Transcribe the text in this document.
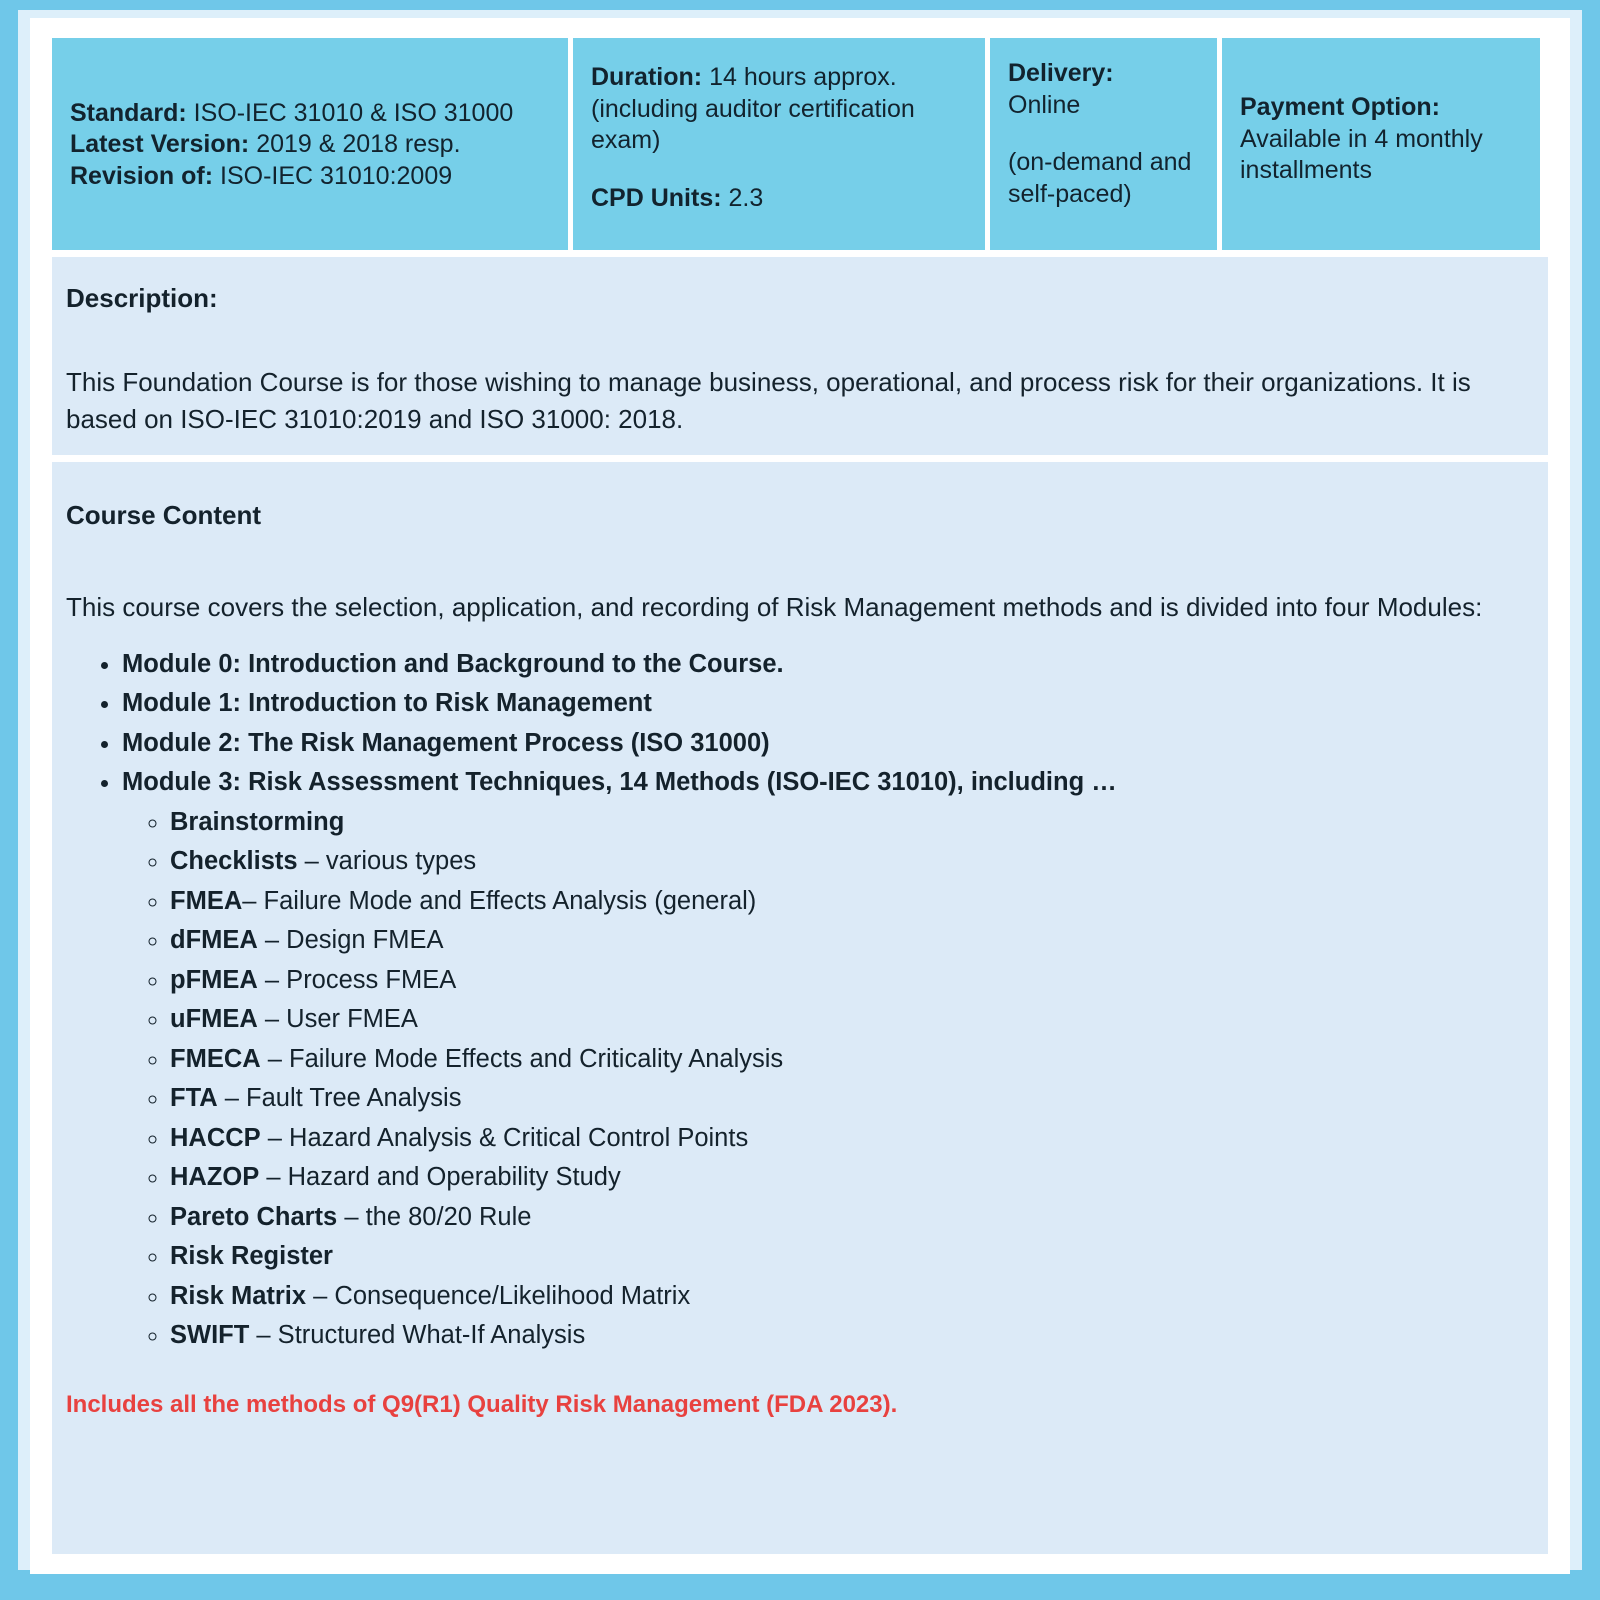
Standard: ISO-IEC 31010 & ISO 31000

Latest Version: 2019 & 2018 resp.

Revision of: ISO-IEC 31010:2009

Duration: 14 hours approx. (including auditor certification exam)

CPD Units: 2.3

Delivery:

Online

(on-demand and self-paced)

Payment Option:

Available in 4 monthly installments

Description:

This Foundation Course is for those wishing to manage business, operational, and process risk for their organizations. It is based on ISO-IEC 31010:2019 and ISO 31000: 2018.

Course Content

This course covers the selection, application, and recording of Risk Management methods and is divided into four Modules:

• Module 0: Introduction and Background to the Course.
• Module 1: Introduction to Risk Management
• Module 2: The Risk Management Process (ISO 31000)
• Module 3: Risk Assessment Techniques, 14 Methods (ISO-IEC 31010), including …
◦ Brainstorming
◦ Checklists – various types
◦ FMEA– Failure Mode and Effects Analysis (general)
◦ dFMEA – Design FMEA
◦ pFMEA – Process FMEA
◦ uFMEA – User FMEA
◦ FMECA – Failure Mode Effects and Criticality Analysis
◦ FTA – Fault Tree Analysis
◦ HACCP – Hazard Analysis & Critical Control Points
◦ HAZOP – Hazard and Operability Study
◦ Pareto Charts – the 80/20 Rule
◦ Risk Register
◦ Risk Matrix – Consequence/Likelihood Matrix
◦ SWIFT – Structured What-If Analysis

Includes all the methods of Q9(R1) Quality Risk Management (FDA 2023).
